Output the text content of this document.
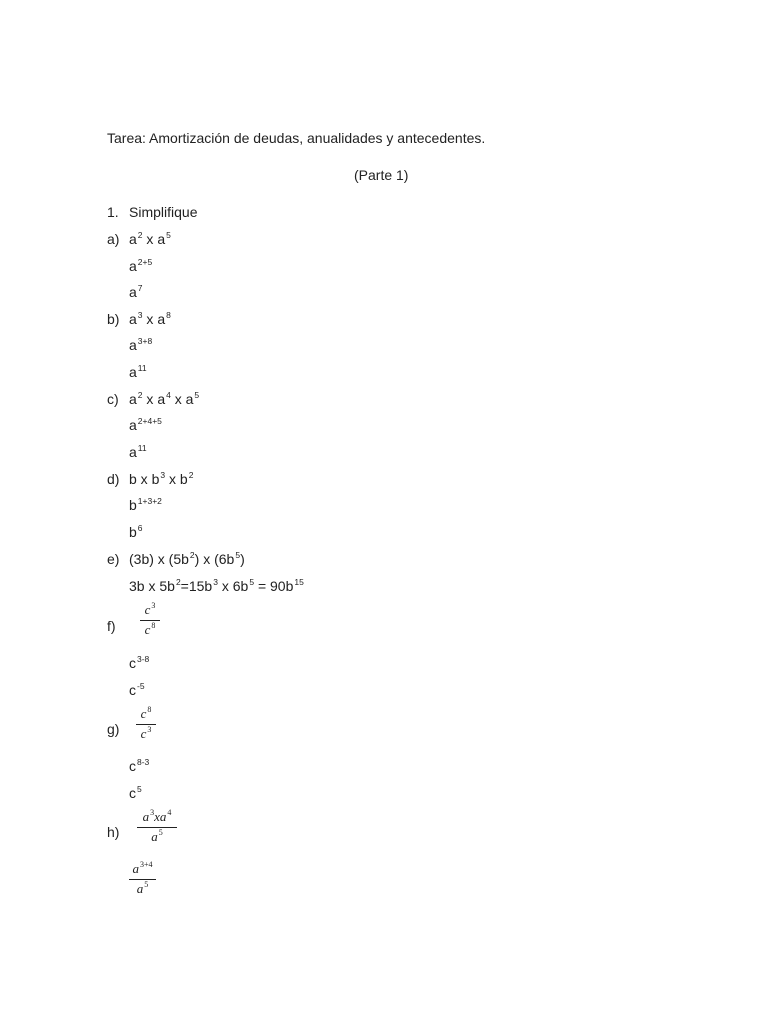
Tarea: Amortización de deudas, anualidades y antecedentes.
(Parte 1)
1. Simplifique
a) $a^2$ x $a^5$
$a^{2+5}$
$a^7$
b) $a^3$ x $a^8$
$a^{3+8}$
$a^{11}$
c) $a^2$ x $a^4$ x $a^5$
$a^{2+4+5}$
$a^{11}$
d) b x $b^3$ x $b^2$
$b^{1+3+2}$
$b^6$
e) (3b) x $(5b^2)$ x $(6b^5)$
3b x $5b^2=15b^3$ x $6b^5 = 90b^{15}$
f)
$c^3$
$c^8$
$c^{3-8}$
$c^{-5}$
g)
$c^8$
$c^3$
$c^{8-3}$
$c^5$
h)
$a^3xa^4$
$a^5$
$a^{3+4}$
$a^5$
